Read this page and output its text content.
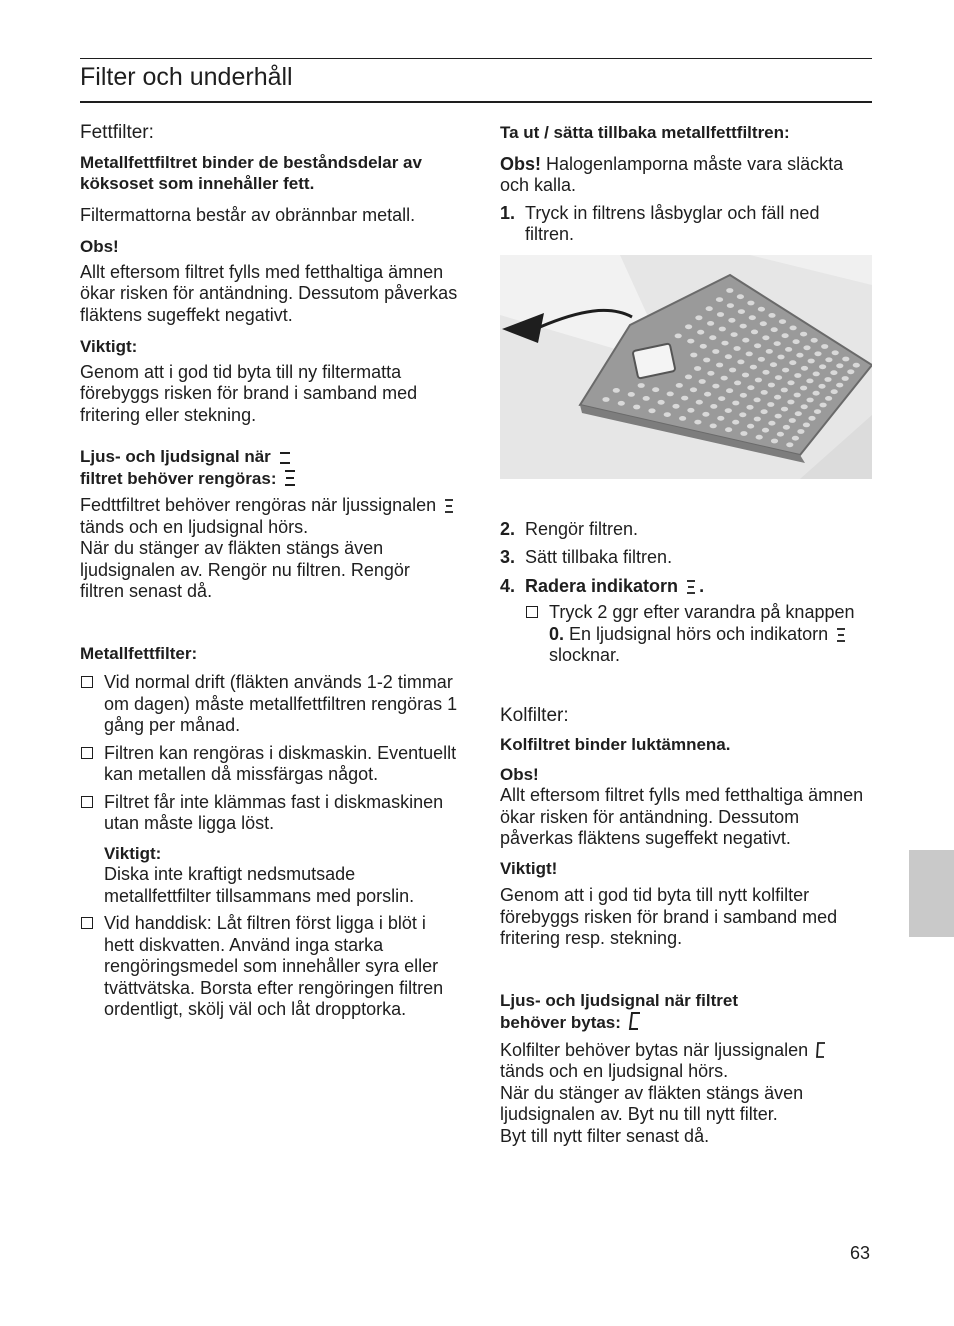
Filter och underhåll

Fettfilter:

Metallfettfiltret binder de beståndsdelar av köksoset som innehåller fett.

Filtermattorna består av obrännbar metall.

Obs!

Allt eftersom filtret fylls med fetthaltiga ämnen ökar risken för antändning. Dessutom påverkas fläktens sugeffekt negativt.

Viktigt:

Genom att i god tid byta till ny filtermatta förebyggs risken för brand i samband med fritering eller stekning.

Ljus- och ljudsignal när
filtret behöver rengöras:

Fedttfiltret behöver rengöras när ljussignalen  tänds och en ljudsignal hörs.
När du stänger av fläkten stängs även ljudsignalen av. Rengör nu filtren. Rengör filtren senast då.

Metallfettfilter:

Vid normal drift (fläkten används 1-2 timmar om dagen) måste metallfettfiltren rengöras 1 gång per månad.
Filtren kan rengöras i diskmaskin. Eventuellt kan metallen då missfärgas något.
Filtret får inte klämmas fast i diskmaskinen utan måste ligga löst.

Viktigt:

Diska inte kraftigt nedsmutsade metallfettfilter tillsammans med porslin.

Vid handdisk: Låt filtren först ligga i blöt i hett diskvatten. Använd inga starka rengöringsmedel som innehåller syra eller tvättvätska. Borsta efter rengöringen filtren ordentligt, skölj väl och låt dropptorka.

Ta ut / sätta tillbaka metallfettfiltren:

Obs! Halogenlamporna måste vara släckta och kalla.

1. Tryck in filtrens låsbyglar och fäll ned filtren.
2. Rengör filtren.
3. Sätt tillbaka filtren.
4. Radera indikatorn .
Tryck 2 ggr efter varandra på knappen 0. En ljudsignal hörs och indikatorn  slocknar.

Kolfilter:

Kolfiltret binder luktämnena.

Obs!

Allt eftersom filtret fylls med fetthaltiga ämnen ökar risken för antändning. Dessutom påverkas fläktens sugeffekt negativt.

Viktigt!

Genom att i god tid byta till nytt kolfilter förebyggs risken för brand i samband med fritering resp. stekning.

Ljus- och ljudsignal när filtret
behöver bytas:

Kolfilter behöver bytas när ljussignalen
tänds och en ljudsignal hörs.
När du stänger av fläkten stängs även ljudsignalen av. Byt nu till nytt filter.
Byt till nytt filter senast då.

63
